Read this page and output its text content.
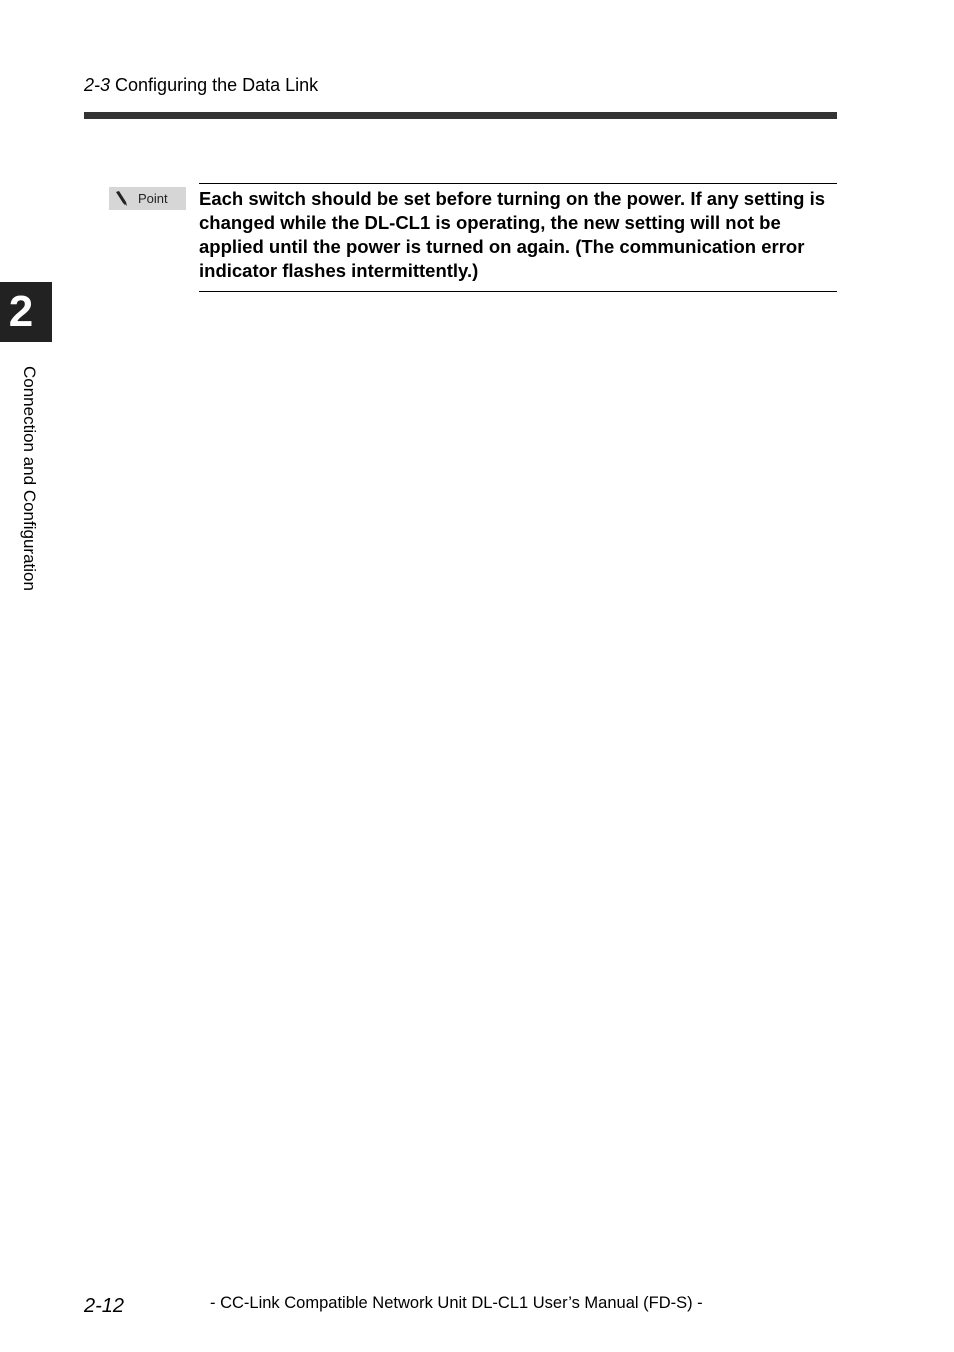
2-3 Configuring the Data Link
Point Each switch should be set before turning on the power. If any setting is changed while the DL-CL1 is operating, the new setting will not be applied until the power is turned on again. (The communication error indicator flashes intermittently.)

2
Connection and Configuration
2-12	- CC-Link Compatible Network Unit DL-CL1 User’s Manual (FD-S) -
